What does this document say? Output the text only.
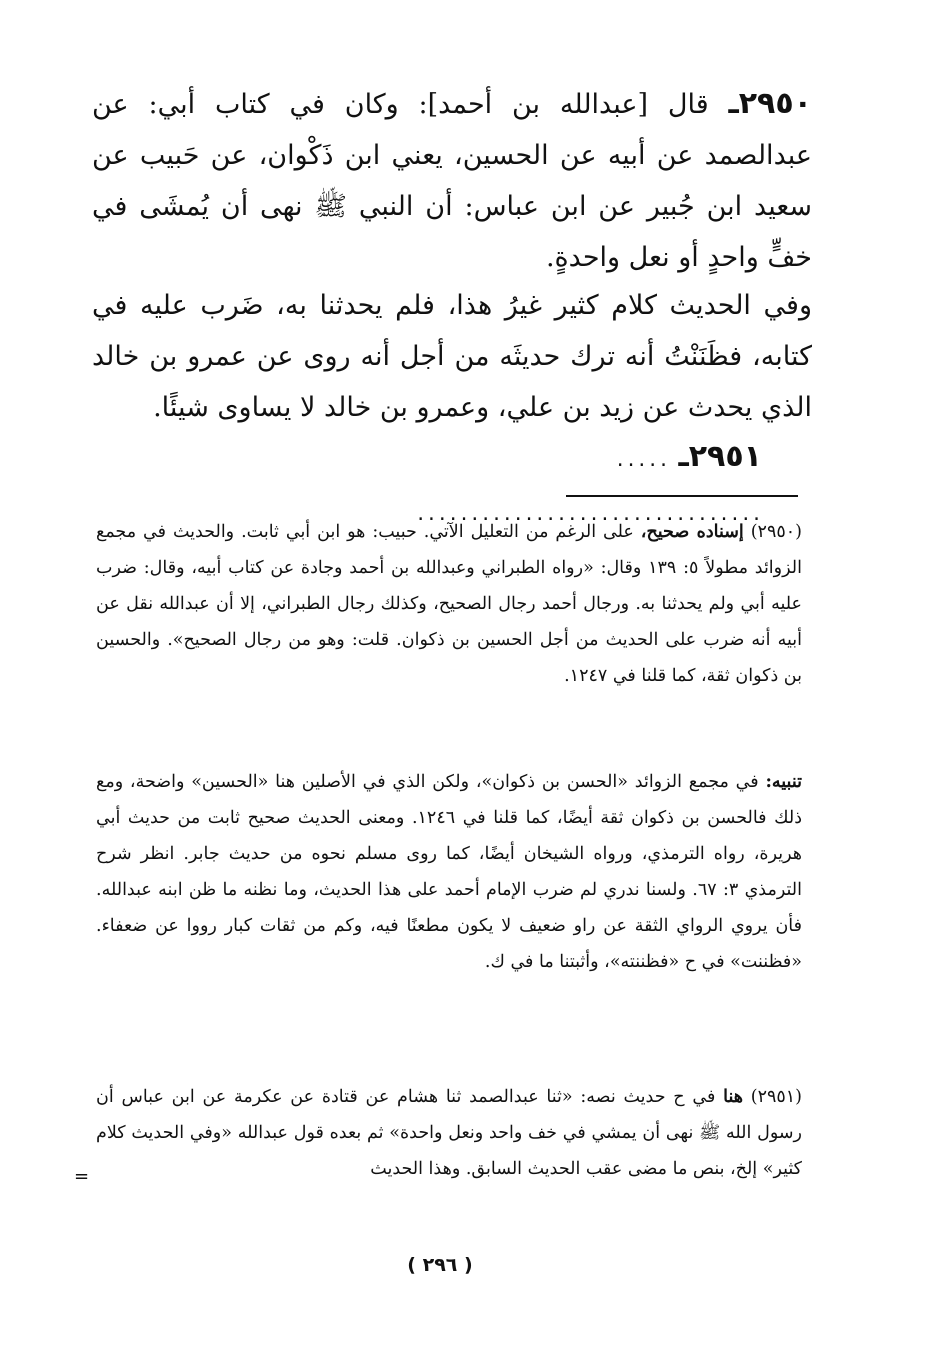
٢٩٥٠ـ قال [عبدالله بن أحمد]: وكان في كتاب أبي: عن عبدالصمد عن أبيه عن الحسين، يعني ابن ذَكْوان، عن حَبيب عن سعيد ابن جُبير عن ابن عباس: أن النبي ﷺ نهى أن يُمشَى في خفٍّ واحدٍ أو نعل واحدةٍ.
وفي الحديث كلام كثير غيرُ هذا، فلم يحدثنا به، ضَرب عليه في كتابه، فظَنَنْتُ أنه ترك حديثَه من أجل أنه روى عن عمرو بن خالد الذي يحدث عن زيد بن علي، وعمرو بن خالد لا يساوى شيئًا.
٢٩٥١ـ ..... ................................
(٢٩٥٠) إسناده صحيح، على الرغم من التعليل الآتي. حبيب: هو ابن أبي ثابت. والحديث في مجمع الزوائد مطولاً ٥: ١٣٩ وقال: «رواه الطبراني وعبدالله بن أحمد وجادة عن كتاب أبيه، وقال: ضرب عليه أبي ولم يحدثنا به. ورجال أحمد رجال الصحيح، وكذلك رجال الطبراني، إلا أن عبدالله نقل عن أبيه أنه ضرب على الحديث من أجل الحسين بن ذكوان. قلت: وهو من رجال الصحيح». والحسين بن ذكوان ثقة، كما قلنا في ١٢٤٧.
تنبيه: في مجمع الزوائد «الحسن بن ذكوان»، ولكن الذي في الأصلين هنا «الحسين» واضحة، ومع ذلك فالحسن بن ذكوان ثقة أيضًا، كما قلنا في ١٢٤٦. ومعنى الحديث صحيح ثابت من حديث أبي هريرة، رواه الترمذي، ورواه الشيخان أيضًا، كما روى مسلم نحوه من حديث جابر. انظر شرح الترمذي ٣: ٦٧. ولسنا ندري لم ضرب الإمام أحمد على هذا الحديث، وما نظنه ما ظن ابنه عبدالله. فأن يروي الرواي الثقة عن راو ضعيف لا يكون مطعنًا فيه، وكم من ثقات كبار رووا عن ضعفاء. «فظننت» في ح «فظننته»، وأثبتنا ما في ك.
(٢٩٥١) هنا في ح حديث نصه: «ثنا عبدالصمد ثنا هشام عن قتادة عن عكرمة عن ابن عباس أن رسول الله ﷺ نهى أن يمشي في خف واحد ونعل واحدة» ثم بعده قول عبدالله «وفي الحديث كلام كثير» إلخ، بنص ما مضى عقب الحديث السابق. وهذا الحديث
=
( ٢٩٦ )
